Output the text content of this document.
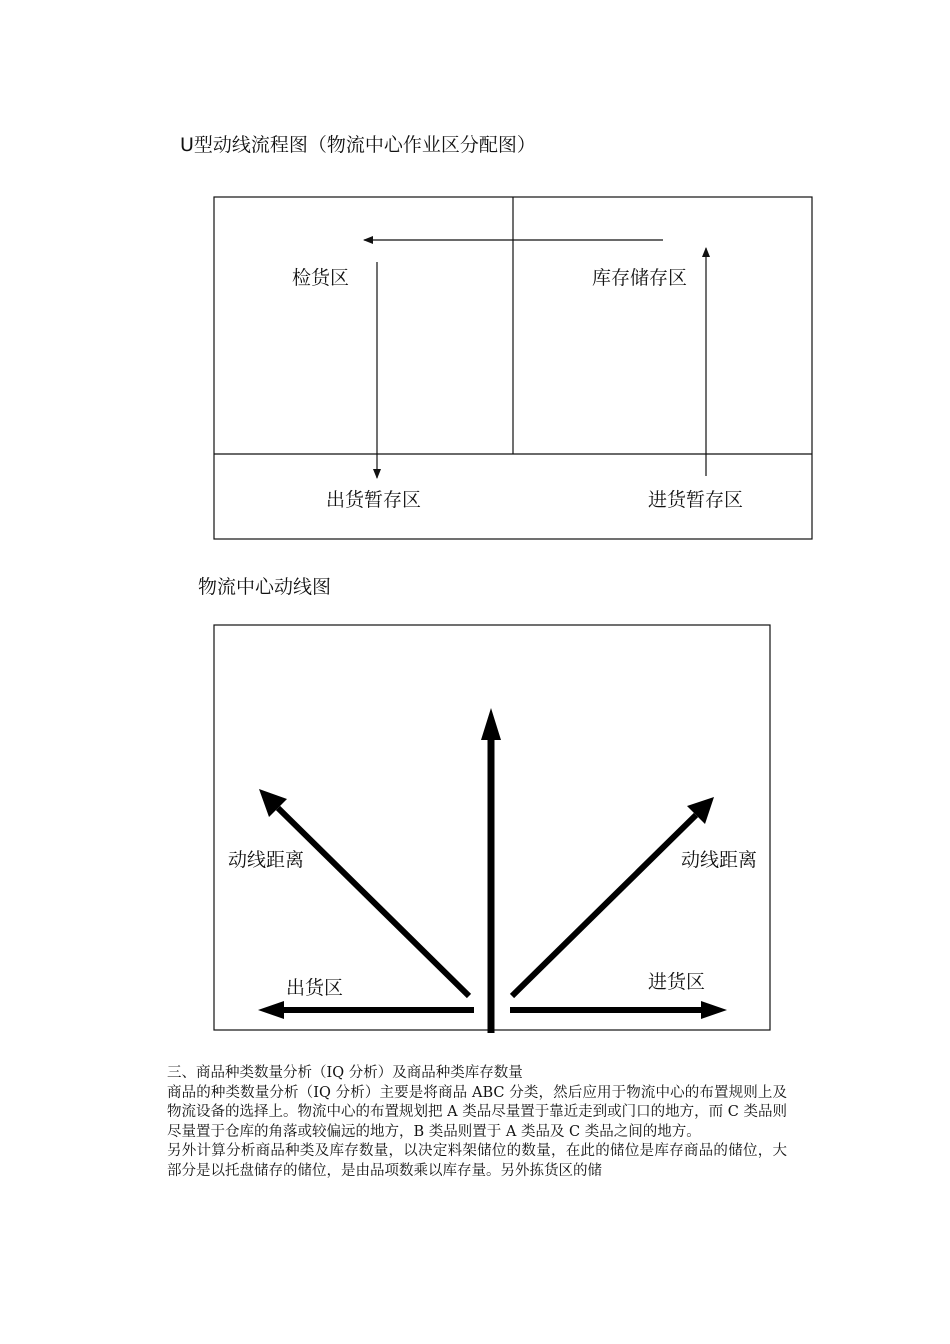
U型动线流程图（物流中心作业区分配图）
检货区	库存储存区
出货暂存区	进货暂存区
物流中心动线图
动线距离	动线距离
出货区	进货区

三、商品种类数量分析（IQ 分析）及商品种类库存数量

商品的种类数量分析（IQ 分析）主要是将商品 ABC 分类，然后应用于物流中心的布置规则上及物流设备的选择上。物流中心的布置规划把 A 类品尽量置于靠近走到或门口的地方，而 C 类品则尽量置于仓库的角落或较偏远的地方，B 类品则置于 A 类品及 C 类品之间的地方。

另外计算分析商品种类及库存数量，以决定料架储位的数量，在此的储位是库存商品的储位，大部分是以托盘储存的储位，是由品项数乘以库存量。另外拣货区的储
